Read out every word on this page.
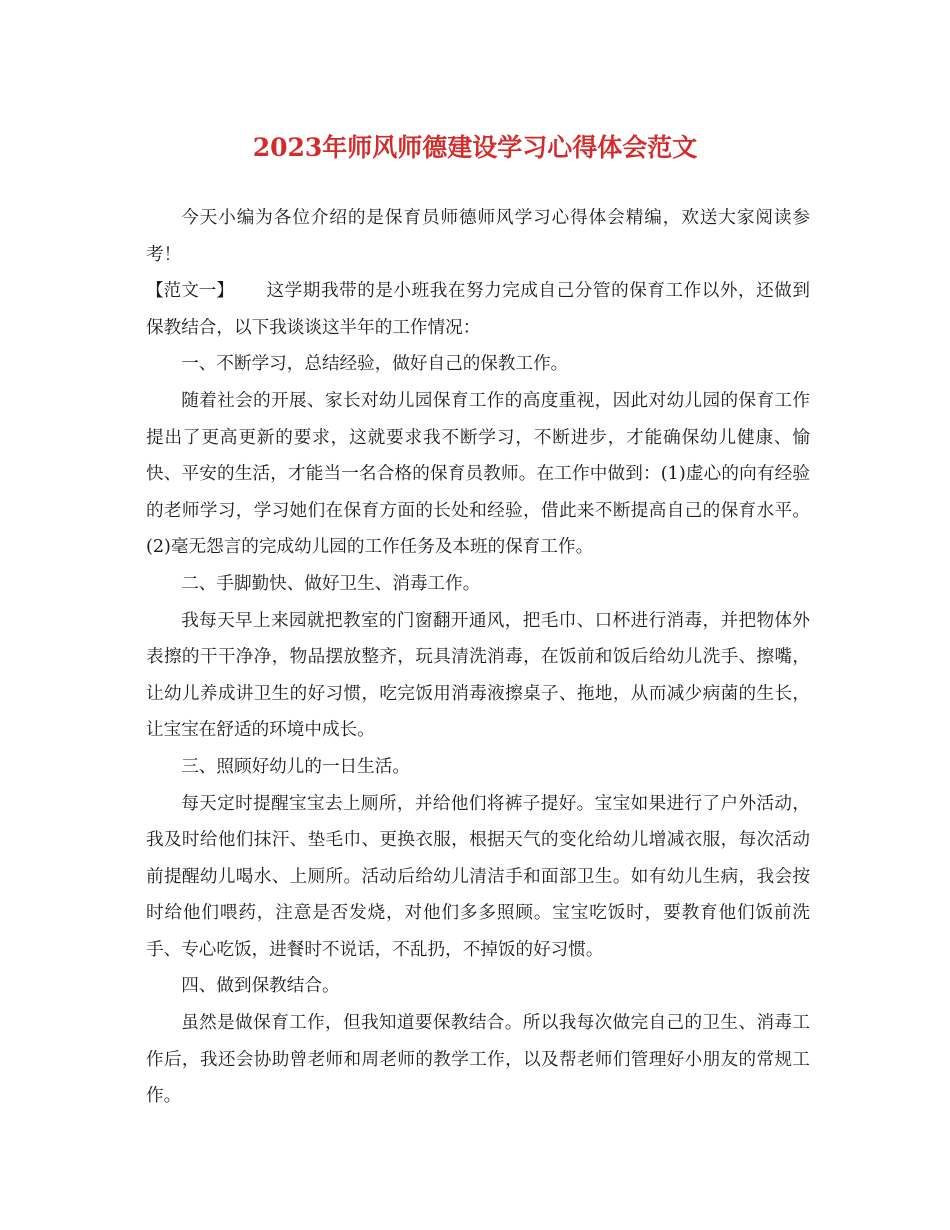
2023年师风师德建设学习心得体会范文

今天小编为各位介绍的是保育员师德师风学习心得体会精编，欢送大家阅读参考！

【范文一】 这学期我带的是小班我在努力完成自己分管的保育工作以外，还做到保教结合，以下我谈谈这半年的工作情况：

一、不断学习，总结经验，做好自己的保教工作。

随着社会的开展、家长对幼儿园保育工作的高度重视，因此对幼儿园的保育工作提出了更高更新的要求，这就要求我不断学习，不断进步，才能确保幼儿健康、愉快、平安的生活，才能当一名合格的保育员教师。在工作中做到：(1)虚心的向有经验的老师学习，学习她们在保育方面的长处和经验，借此来不断提高自己的保育水平。(2)毫无怨言的完成幼儿园的工作任务及本班的保育工作。

二、手脚勤快、做好卫生、消毒工作。

我每天早上来园就把教室的门窗翻开通风，把毛巾、口杯进行消毒，并把物体外表擦的干干净净，物品摆放整齐，玩具清洗消毒，在饭前和饭后给幼儿洗手、擦嘴，让幼儿养成讲卫生的好习惯，吃完饭用消毒液擦桌子、拖地，从而减少病菌的生长，让宝宝在舒适的环境中成长。

三、照顾好幼儿的一日生活。

每天定时提醒宝宝去上厕所，并给他们将裤子提好。宝宝如果进行了户外活动，我及时给他们抹汗、垫毛巾、更换衣服，根据天气的变化给幼儿增减衣服，每次活动前提醒幼儿喝水、上厕所。活动后给幼儿清洁手和面部卫生。如有幼儿生病，我会按时给他们喂药，注意是否发烧，对他们多多照顾。宝宝吃饭时，要教育他们饭前洗手、专心吃饭，进餐时不说话，不乱扔，不掉饭的好习惯。

四、做到保教结合。

虽然是做保育工作，但我知道要保教结合。所以我每次做完自己的卫生、消毒工作后，我还会协助曾老师和周老师的教学工作，以及帮老师们管理好小朋友的常规工作。
